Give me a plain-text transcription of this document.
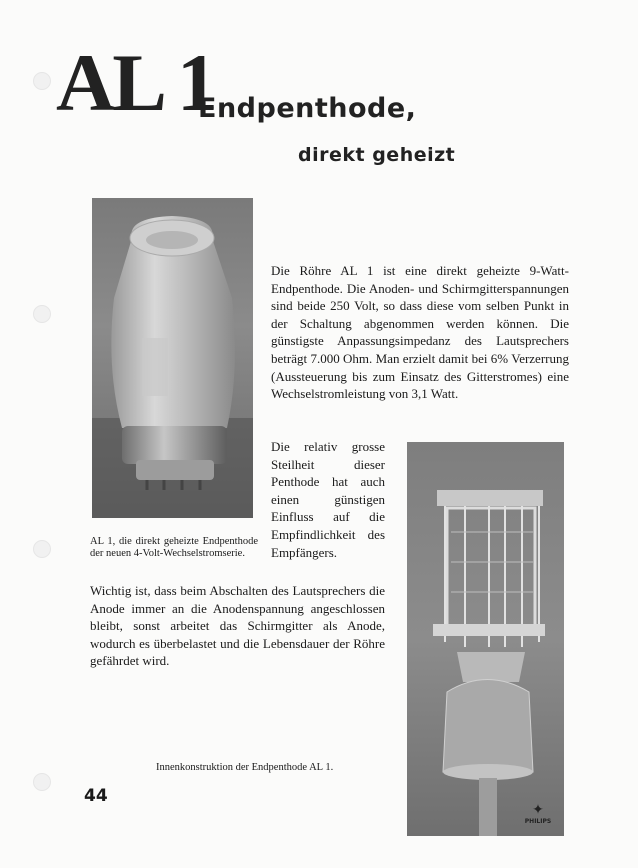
AL 1
Endpenthode,
direkt geheizt
AL 1, die direkt geheizte Endpenthode der neuen 4-Volt-Wechselstromserie.
Die Röhre AL 1 ist eine direkt geheizte 9-Watt-Endpenthode. Die Anoden- und Schirmgitterspannungen sind beide 250 Volt, so dass diese vom selben Punkt in der Schaltung abgenommen werden können. Die günstigste Anpassungsimpedanz des Lautsprechers beträgt 7.000 Ohm. Man erzielt damit bei 6% Verzerrung (Aussteuerung bis zum Einsatz des Gitterstromes) eine Wechselstromleistung von 3,1 Watt.
Die relativ grosse Steilheit dieser Penthode hat auch einen günstigen Einfluss auf die Empfindlichkeit des Empfängers.
Wichtig ist, dass beim Abschalten des Lautsprechers die Anode immer an die Anodenspannung angeschlossen bleibt, sonst arbeitet das Schirmgitter als Anode, wodurch es überbelastet und die Lebensdauer der Röhre gefährdet wird.
✦
PHILIPS
Innenkonstruktion der Endpenthode AL 1.
44
